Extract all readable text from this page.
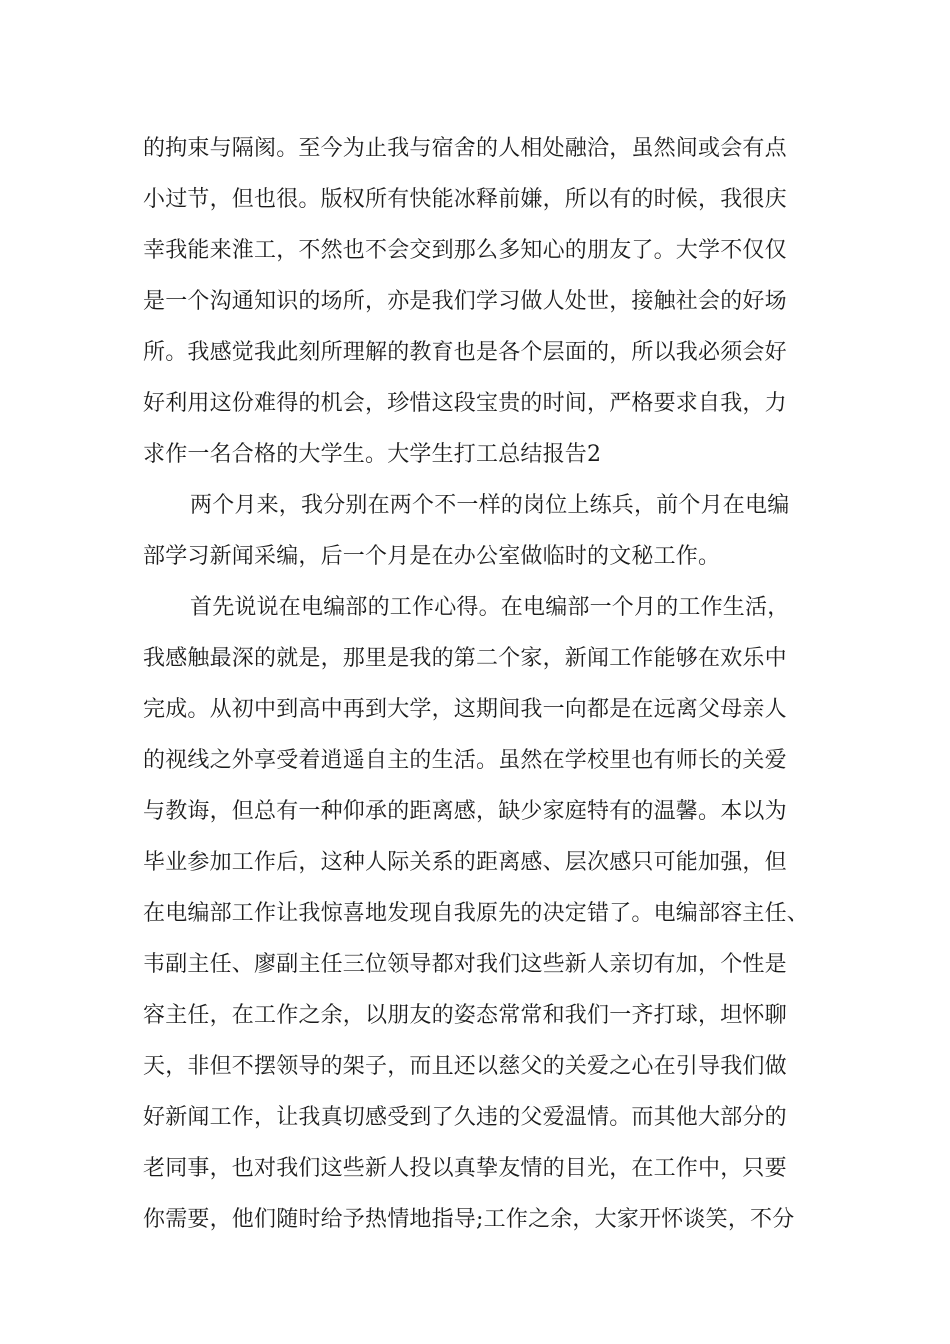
的拘束与隔阂。至今为止我与宿舍的人相处融洽，虽然间或会有点

小过节，但也很。版权所有快能冰释前嫌，所以有的时候，我很庆

幸我能来淮工，不然也不会交到那么多知心的朋友了。大学不仅仅

是一个沟通知识的场所，亦是我们学习做人处世，接触社会的好场

所。我感觉我此刻所理解的教育也是各个层面的，所以我必须会好

好利用这份难得的机会，珍惜这段宝贵的时间，严格要求自我，力

求作一名合格的大学生。大学生打工总结报告2

两个月来，我分别在两个不一样的岗位上练兵，前个月在电编

部学习新闻采编，后一个月是在办公室做临时的文秘工作。

首先说说在电编部的工作心得。在电编部一个月的工作生活，

我感触最深的就是，那里是我的第二个家，新闻工作能够在欢乐中

完成。从初中到高中再到大学，这期间我一向都是在远离父母亲人

的视线之外享受着逍遥自主的生活。虽然在学校里也有师长的关爱

与教诲，但总有一种仰承的距离感，缺少家庭特有的温馨。本以为

毕业参加工作后，这种人际关系的距离感、层次感只可能加强，但

在电编部工作让我惊喜地发现自我原先的决定错了。电编部容主任、

韦副主任、廖副主任三位领导都对我们这些新人亲切有加，个性是

容主任，在工作之余，以朋友的姿态常常和我们一齐打球，坦怀聊

天，非但不摆领导的架子，而且还以慈父的关爱之心在引导我们做

好新闻工作，让我真切感受到了久违的父爱温情。而其他大部分的

老同事，也对我们这些新人投以真挚友情的目光，在工作中，只要

你需要，他们随时给予热情地指导;工作之余，大家开怀谈笑，不分
